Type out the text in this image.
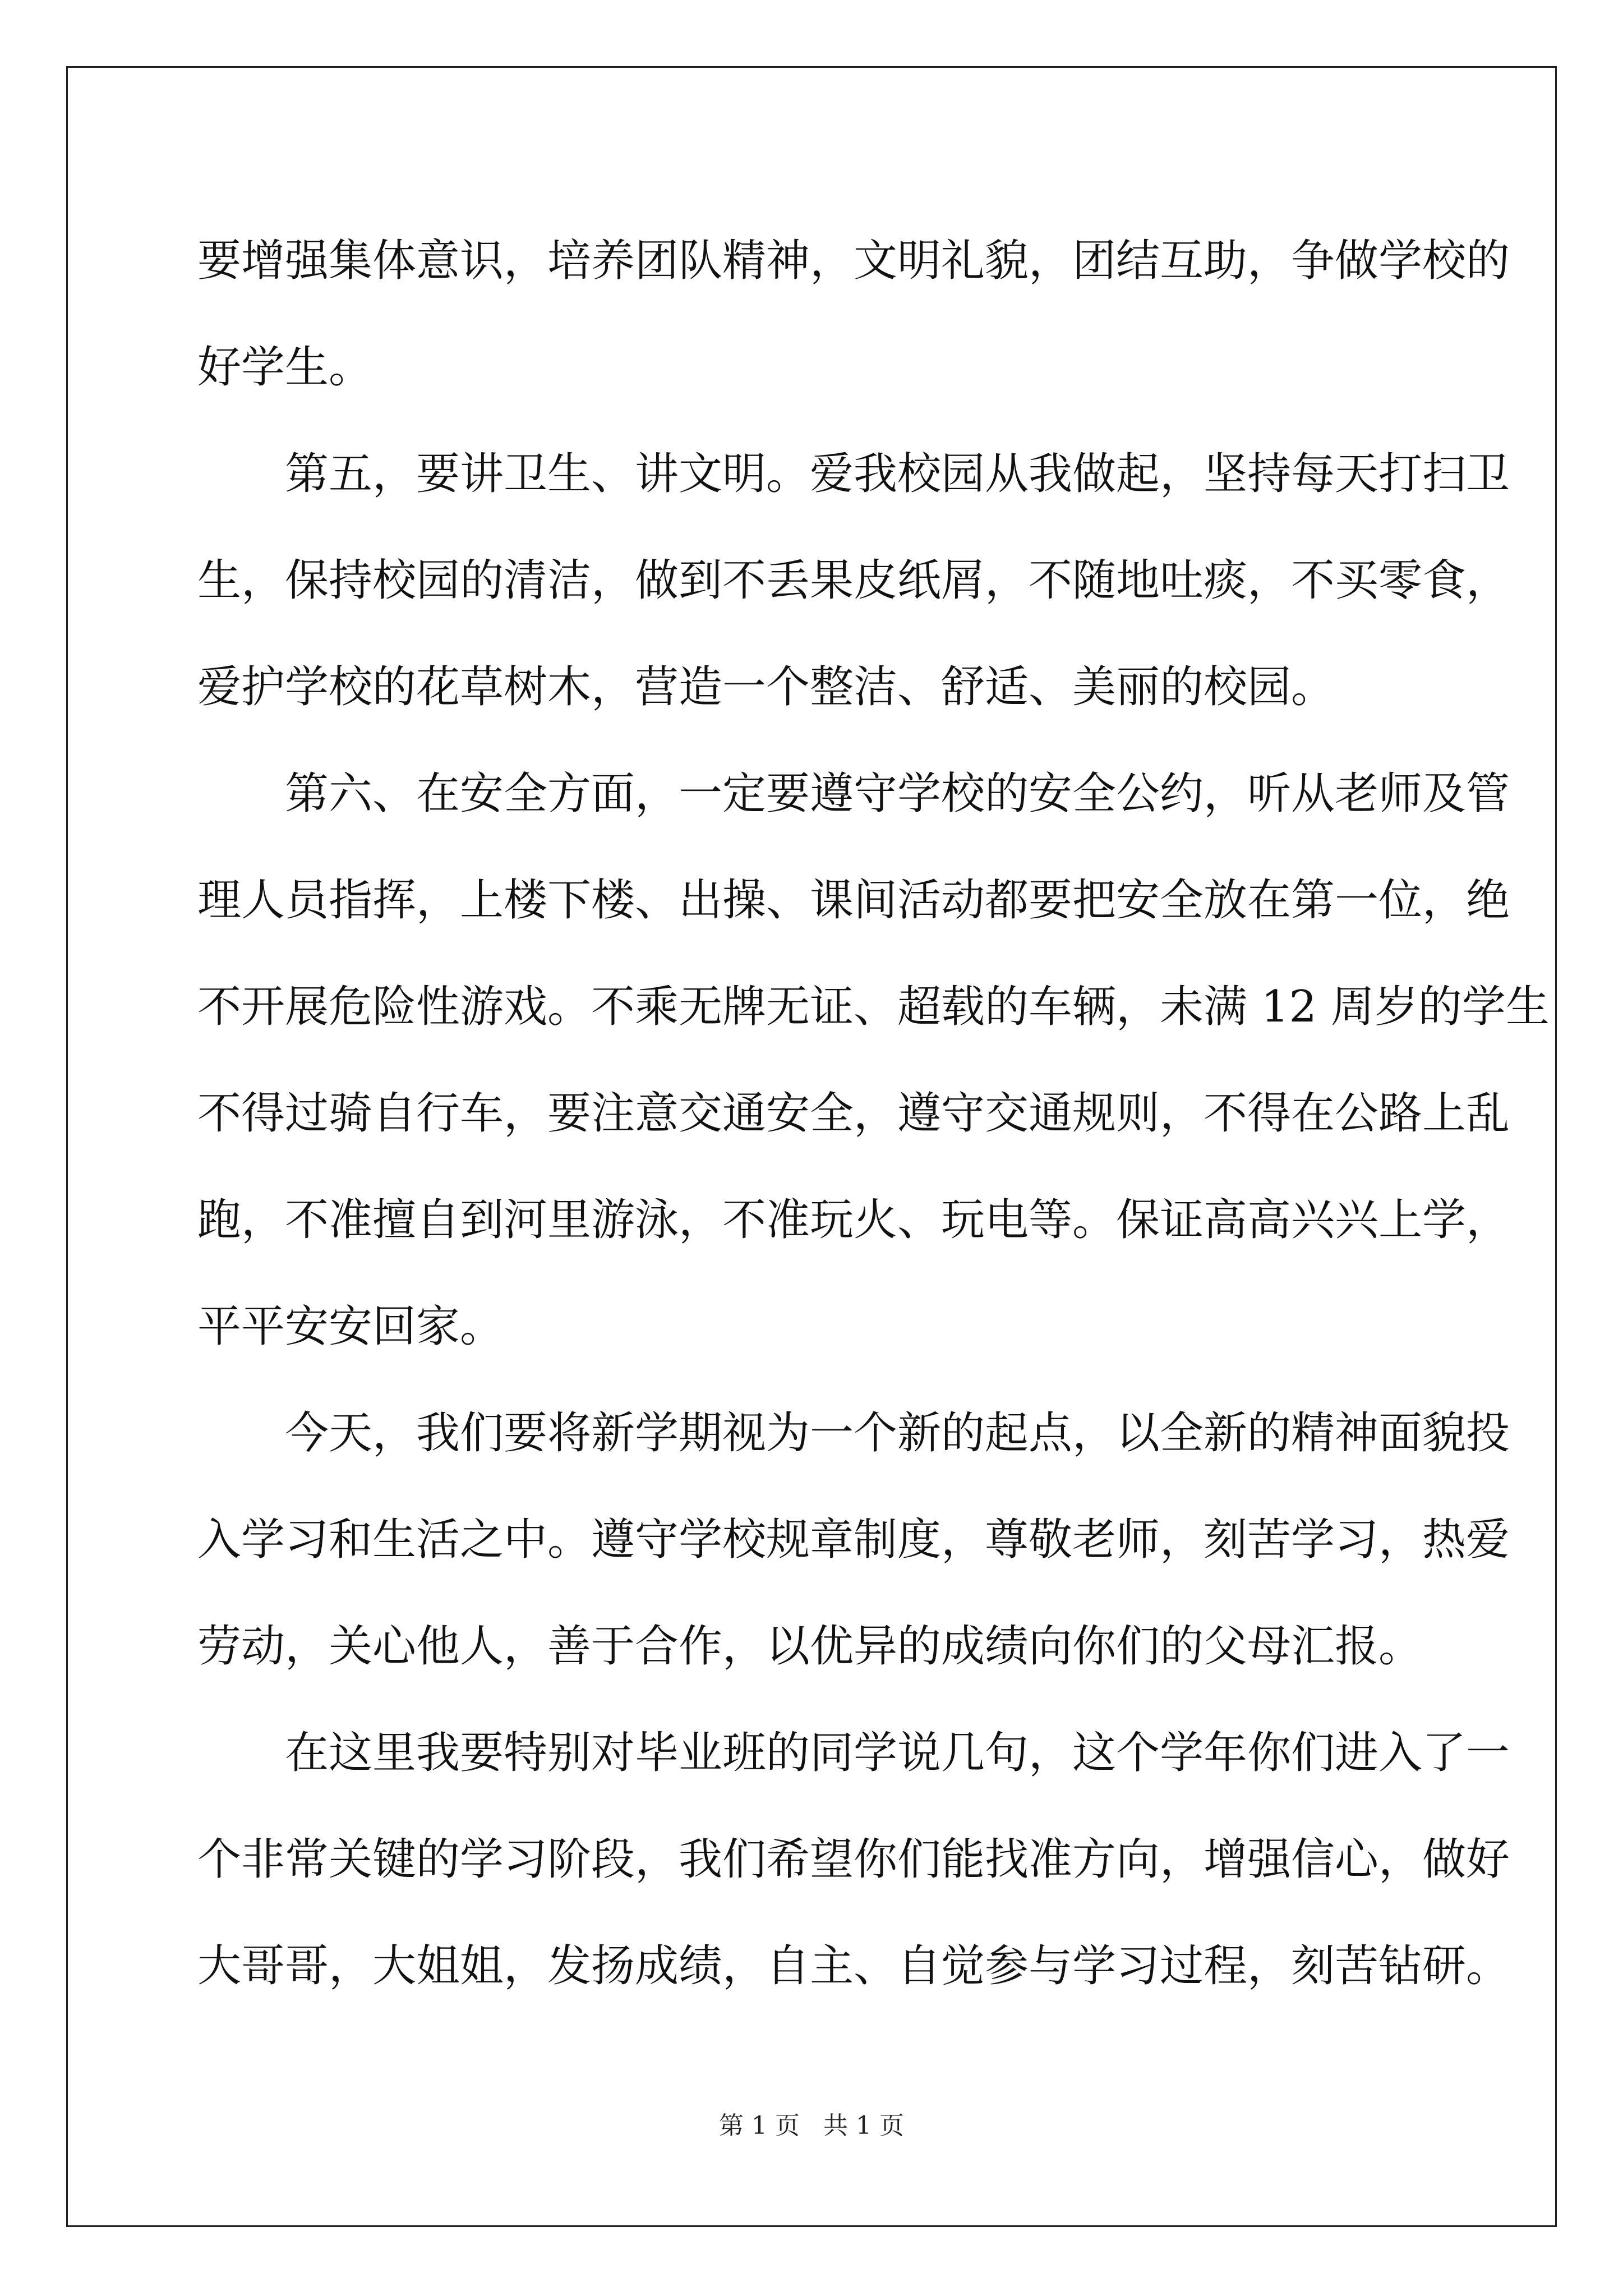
要增强集体意识，培养团队精神，文明礼貌，团结互助，争做学校的
好学生。
第五，要讲卫生、讲文明。爱我校园从我做起，坚持每天打扫卫
生，保持校园的清洁，做到不丢果皮纸屑，不随地吐痰，不买零食，
爱护学校的花草树木，营造一个整洁、舒适、美丽的校园。
第六、在安全方面，一定要遵守学校的安全公约，听从老师及管
理人员指挥，上楼下楼、出操、课间活动都要把安全放在第一位，绝
不开展危险性游戏。不乘无牌无证、超载的车辆，未满 12 周岁的学生
不得过骑自行车，要注意交通安全，遵守交通规则，不得在公路上乱
跑，不准擅自到河里游泳，不准玩火、玩电等。保证高高兴兴上学，
平平安安回家。
今天，我们要将新学期视为一个新的起点，以全新的精神面貌投
入学习和生活之中。遵守学校规章制度，尊敬老师，刻苦学习，热爱
劳动，关心他人，善于合作，以优异的成绩向你们的父母汇报。
在这里我要特别对毕业班的同学说几句，这个学年你们进入了一
个非常关键的学习阶段，我们希望你们能找准方向，增强信心，做好
大哥哥，大姐姐，发扬成绩，自主、自觉参与学习过程，刻苦钻研。
第 1 页 共 1 页
